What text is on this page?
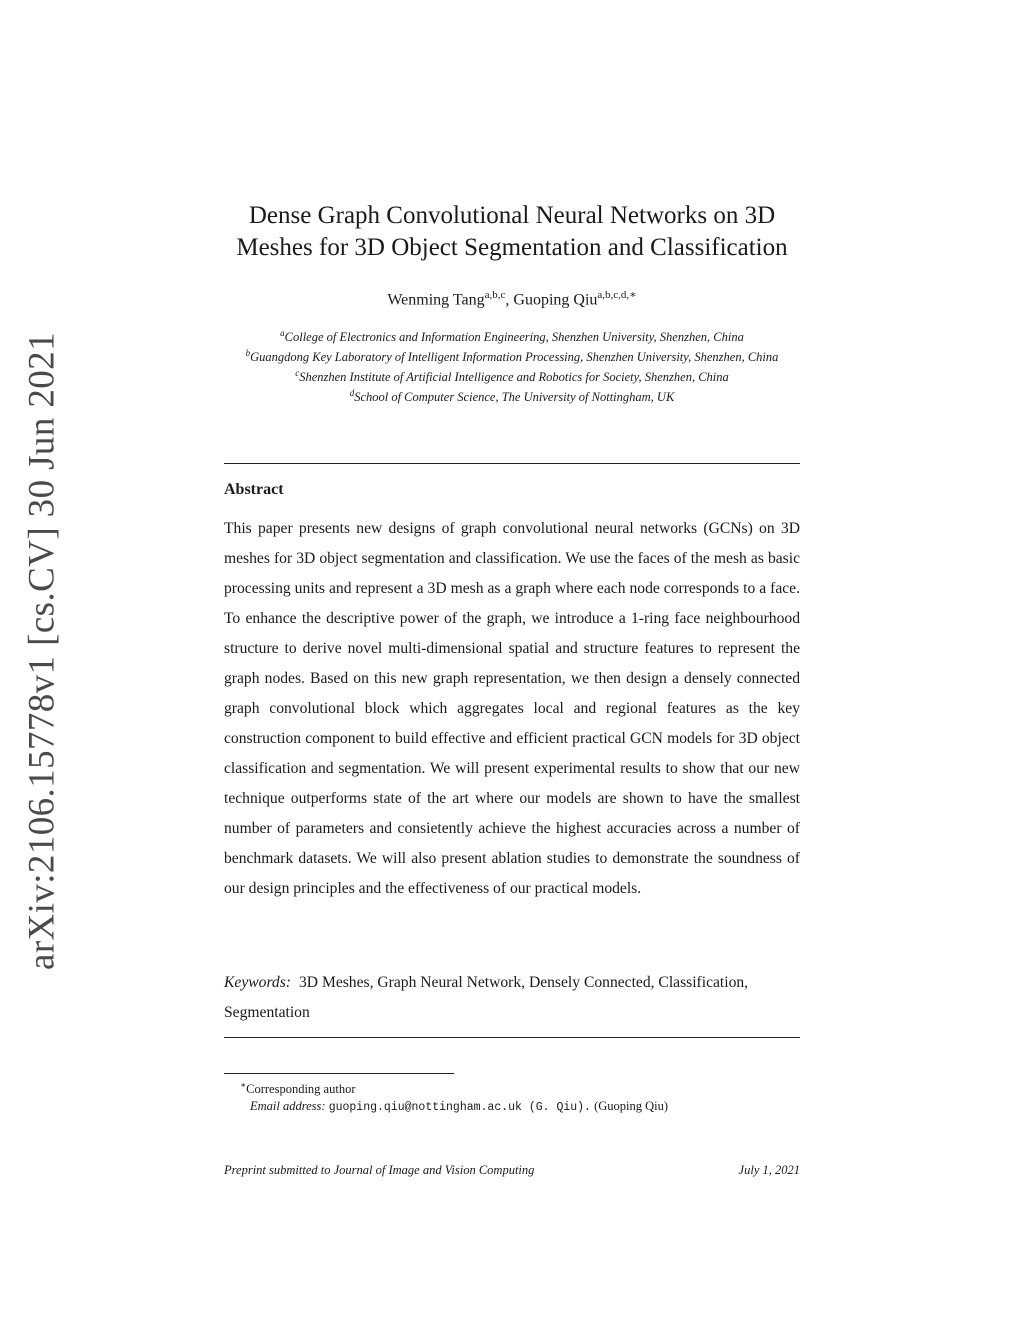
arXiv:2106.15778v1 [cs.CV] 30 Jun 2021
Dense Graph Convolutional Neural Networks on 3D
Meshes for 3D Object Segmentation and Classification
Wenming Tang$^{a,b,c}$, Guoping Qiu$^{a,b,c,d,∗}$
$^a$College of Electronics and Information Engineering, Shenzhen University, Shenzhen, China
$^b$Guangdong Key Laboratory of Intelligent Information Processing, Shenzhen University, Shenzhen, China
$^c$Shenzhen Institute of Artificial Intelligence and Robotics for Society, Shenzhen, China
$^d$School of Computer Science, The University of Nottingham, UK
Abstract

This paper presents new designs of graph convolutional neural networks (GCNs) on 3D meshes for 3D object segmentation and classification. We use the faces of the mesh as basic processing units and represent a 3D mesh as a graph where each node corresponds to a face. To enhance the descriptive power of the graph, we introduce a 1-ring face neighbourhood structure to derive novel multi-dimensional spatial and structure features to represent the graph nodes. Based on this new graph representation, we then design a densely connected graph convolutional block which aggregates local and regional features as the key construction component to build effective and efficient practical GCN models for 3D object classification and segmentation. We will present experimental results to show that our new technique outperforms state of the art where our models are shown to have the smallest number of parameters and consietently achieve the highest accuracies across a number of benchmark datasets. We will also present ablation studies to demonstrate the soundness of our design principles and the effectiveness of our practical models.

Keywords: 3D Meshes, Graph Neural Network, Densely Connected, Classification, Segmentation

∗Corresponding author
Email address: guoping.qiu@nottingham.ac.uk (G. Qiu). (Guoping Qiu)
Preprint submitted to Journal of Image and Vision Computing	July 1, 2021
